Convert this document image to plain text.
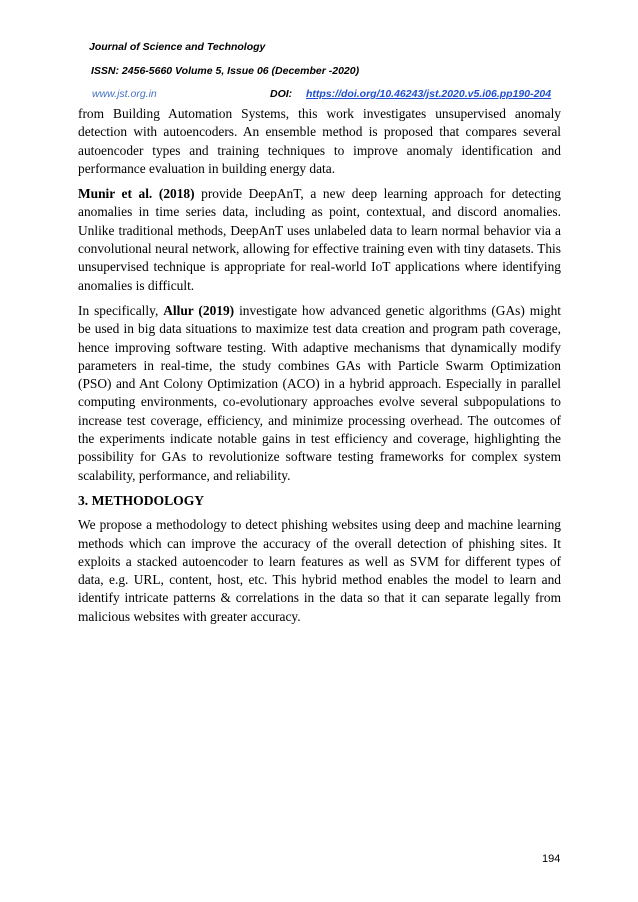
Journal of Science and Technology
ISSN: 2456-5660 Volume 5, Issue 06 (December -2020)
www.jst.org.in	DOI: https://doi.org/10.46243/jst.2020.v5.i06.pp190-204

from Building Automation Systems, this work investigates unsupervised anomaly detection with autoencoders. An ensemble method is proposed that compares several autoencoder types and training techniques to improve anomaly identification and performance evaluation in building energy data.

Munir et al. (2018) provide DeepAnT, a new deep learning approach for detecting anomalies in time series data, including as point, contextual, and discord anomalies. Unlike traditional methods, DeepAnT uses unlabeled data to learn normal behavior via a convolutional neural network, allowing for effective training even with tiny datasets. This unsupervised technique is appropriate for real-world IoT applications where identifying anomalies is difficult.

In specifically, Allur (2019) investigate how advanced genetic algorithms (GAs) might be used in big data situations to maximize test data creation and program path coverage, hence improving software testing. With adaptive mechanisms that dynamically modify parameters in real-time, the study combines GAs with Particle Swarm Optimization (PSO) and Ant Colony Optimization (ACO) in a hybrid approach. Especially in parallel computing environments, co-evolutionary approaches evolve several subpopulations to increase test coverage, efficiency, and minimize processing overhead. The outcomes of the experiments indicate notable gains in test efficiency and coverage, highlighting the possibility for GAs to revolutionize software testing frameworks for complex system scalability, performance, and reliability.

3. METHODOLOGY

We propose a methodology to detect phishing websites using deep and machine learning methods which can improve the accuracy of the overall detection of phishing sites. It exploits a stacked autoencoder to learn features as well as SVM for different types of data, e.g. URL, content, host, etc. This hybrid method enables the model to learn and identify intricate patterns & correlations in the data so that it can separate legally from malicious websites with greater accuracy.

194
